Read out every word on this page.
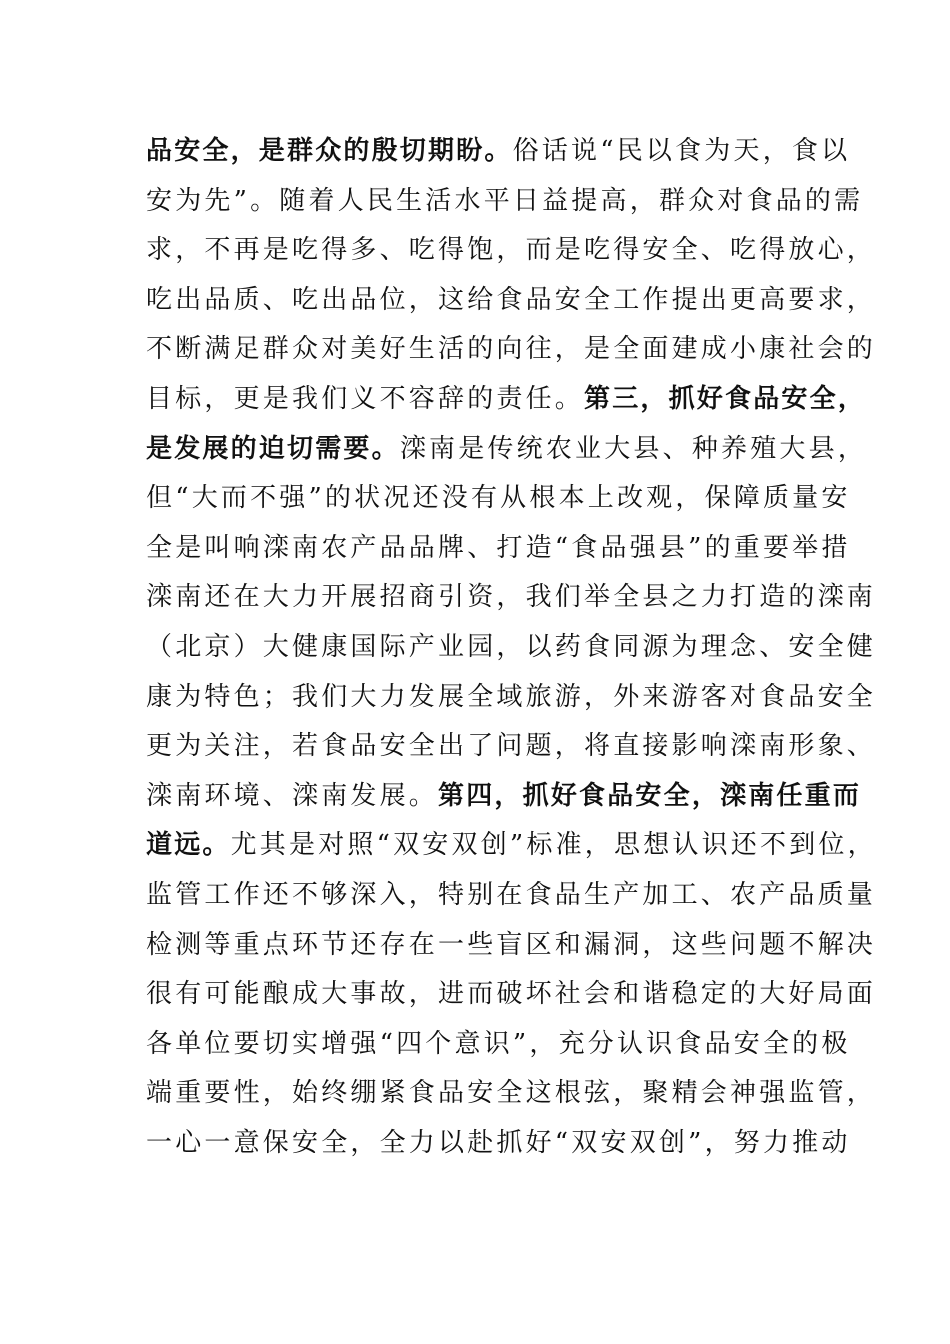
品安全，是群众的殷切期盼。俗话说“民以食为天，食以
安为先”。随着人民生活水平日益提高，群众对食品的需
求，不再是吃得多、吃得饱，而是吃得安全、吃得放心，
吃出品质、吃出品位，这给食品安全工作提出更高要求，
不断满足群众对美好生活的向往，是全面建成小康社会的
目标，更是我们义不容辞的责任。第三，抓好食品安全，
是发展的迫切需要。滦南是传统农业大县、种养殖大县，
但“大而不强”的状况还没有从根本上改观，保障质量安
全是叫响滦南农产品品牌、打造“食品强县”的重要举措
滦南还在大力开展招商引资，我们举全县之力打造的滦南
（北京）大健康国际产业园，以药食同源为理念、安全健
康为特色；我们大力发展全域旅游，外来游客对食品安全
更为关注，若食品安全出了问题，将直接影响滦南形象、
滦南环境、滦南发展。第四，抓好食品安全，滦南任重而
道远。尤其是对照“双安双创”标准，思想认识还不到位，
监管工作还不够深入，特别在食品生产加工、农产品质量
检测等重点环节还存在一些盲区和漏洞，这些问题不解决
很有可能酿成大事故，进而破坏社会和谐稳定的大好局面
各单位要切实增强“四个意识”，充分认识食品安全的极
端重要性，始终绷紧食品安全这根弦，聚精会神强监管，
一心一意保安全，全力以赴抓好“双安双创”，努力推动
